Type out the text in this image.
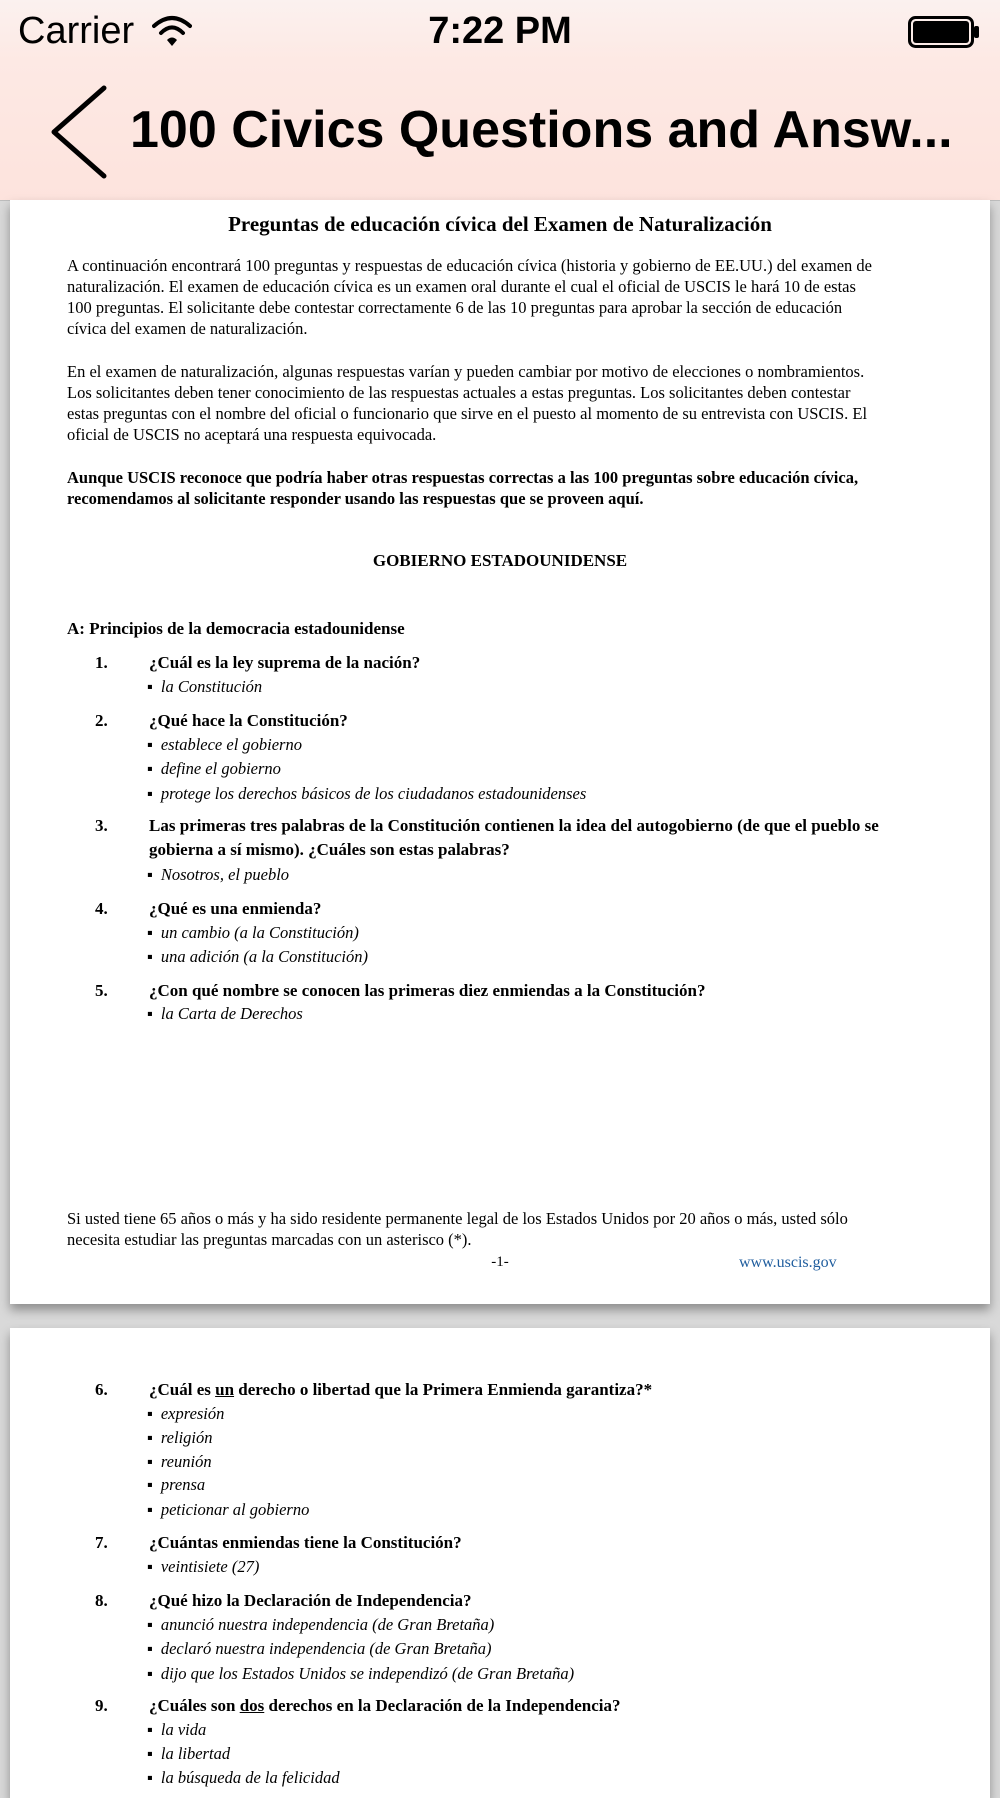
Carrier	7:22 PM
100 Civics Questions and Answ...
Preguntas de educación cívica del Examen de Naturalización
A continuación encontrará 100 preguntas y respuestas de educación cívica (historia y gobierno de EE.UU.) del examen de
naturalización. El examen de educación cívica es un examen oral durante el cual el oficial de USCIS le hará 10 de estas
100 preguntas. El solicitante debe contestar correctamente 6 de las 10 preguntas para aprobar la sección de educación
cívica del examen de naturalización.
En el examen de naturalización, algunas respuestas varían y pueden cambiar por motivo de elecciones o nombramientos.
Los solicitantes deben tener conocimiento de las respuestas actuales a estas preguntas. Los solicitantes deben contestar
estas preguntas con el nombre del oficial o funcionario que sirve en el puesto al momento de su entrevista con USCIS. El
oficial de USCIS no aceptará una respuesta equivocada.
Aunque USCIS reconoce que podría haber otras respuestas correctas a las 100 preguntas sobre educación cívica,
recomendamos al solicitante responder usando las respuestas que se proveen aquí.
GOBIERNO ESTADOUNIDENSE
A: Principios de la democracia estadounidense
1.	¿Cuál es la ley suprema de la nación?
▪ la Constitución
2.	¿Qué hace la Constitución?
▪ establece el gobierno
▪ define el gobierno
▪ protege los derechos básicos de los ciudadanos estadounidenses
3.	Las primeras tres palabras de la Constitución contienen la idea del autogobierno (de que el pueblo se
gobierna a sí mismo). ¿Cuáles son estas palabras?
▪ Nosotros, el pueblo
4.	¿Qué es una enmienda?
▪ un cambio (a la Constitución)
▪ una adición (a la Constitución)
5.	¿Con qué nombre se conocen las primeras diez enmiendas a la Constitución?
▪ la Carta de Derechos
Si usted tiene 65 años o más y ha sido residente permanente legal de los Estados Unidos por 20 años o más, usted sólo
necesita estudiar las preguntas marcadas con un asterisco (*).
-1-	www.uscis.gov
6.	¿Cuál es un derecho o libertad que la Primera Enmienda garantiza?*
▪ expresión
▪ religión
▪ reunión
▪ prensa
▪ peticionar al gobierno
7.	¿Cuántas enmiendas tiene la Constitución?
▪ veintisiete (27)
8.	¿Qué hizo la Declaración de Independencia?
▪ anunció nuestra independencia (de Gran Bretaña)
▪ declaró nuestra independencia (de Gran Bretaña)
▪ dijo que los Estados Unidos se independizó (de Gran Bretaña)
9.	¿Cuáles son dos derechos en la Declaración de la Independencia?
▪ la vida
▪ la libertad
▪ la búsqueda de la felicidad
